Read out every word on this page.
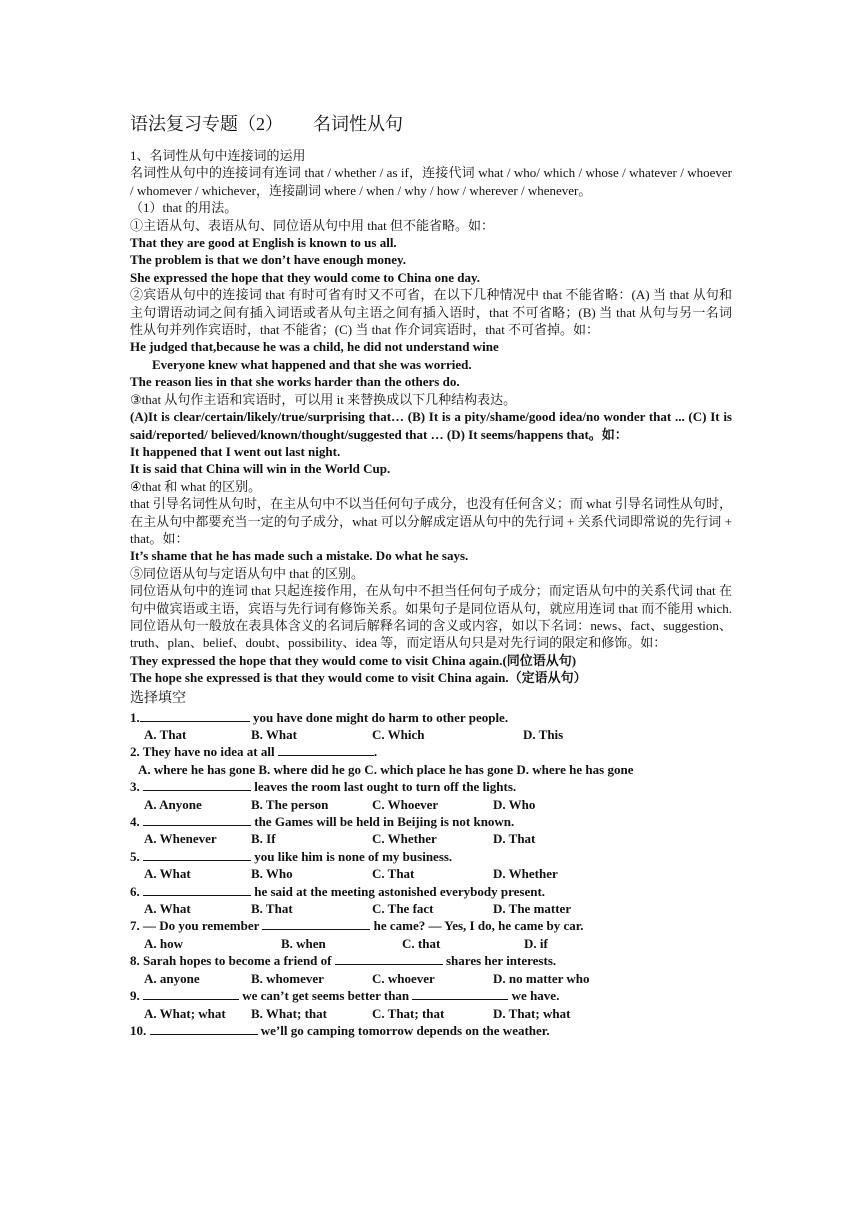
语法复习专题（2） 名词性从句

1、名词性从句中连接词的运用

名词性从句中的连接词有连词 that / whether / as if，连接代词 what / who/ which / whose / whatever / whoever / whomever / whichever，连接副词 where / when / why / how / wherever / whenever。

（1）that 的用法。

①主语从句、表语从句、同位语从句中用 that 但不能省略。如：

That they are good at English is known to us all.

The problem is that we don’t have enough money.

She expressed the hope that they would come to China one day.

②宾语从句中的连接词 that 有时可省有时又不可省，在以下几种情况中 that 不能省略：(A) 当 that 从句和主句谓语动词之间有插入词语或者从句主语之间有插入语时，that 不可省略；(B) 当 that 从句与另一名词性从句并列作宾语时，that 不能省；(C) 当 that 作介词宾语时，that 不可省掉。如：

He judged that,because he was a child, he did not understand wine

Everyone knew what happened and that she was worried.

The reason lies in that she works harder than the others do.

③that 从句作主语和宾语时，可以用 it 来替换成以下几种结构表达。

(A)It is clear/certain/likely/true/surprising that… (B) It is a pity/shame/good idea/no wonder that ... (C) It is said/reported/ believed/known/thought/suggested that … (D) It seems/happens that。如：

It happened that I went out last night.

It is said that China will win in the World Cup.

④that 和 what 的区别。

that 引导名词性从句时，在主从句中不以当任何句子成分，也没有任何含义；而 what 引导名词性从句时，在主从句中都要充当一定的句子成分，what 可以分解成定语从句中的先行词 + 关系代词即常说的先行词 + that。如：

It’s shame that he has made such a mistake. Do what he says.

⑤同位语从句与定语从句中 that 的区别。

同位语从句中的连词 that 只起连接作用，在从句中不担当任何句子成分；而定语从句中的关系代词 that 在句中做宾语或主语，宾语与先行词有修饰关系。如果句子是同位语从句，就应用连词 that 而不能用 which.同位语从句一般放在表具体含义的名词后解释名词的含义或内容，如以下名词：news、fact、suggestion、truth、plan、belief、doubt、possibility、idea 等，而定语从句只是对先行词的限定和修饰。如：

They expressed the hope that they would come to visit China again.(同位语从句)

The hope she expressed is that they would come to visit China again.（定语从句）

选择填空

1.	you have done might do harm to other people.

A. That	B. What	C. Which	D. This

2. They have no idea at all	.

A. where he has gone B. where did he go C. which place he has gone D. where he has gone

3.	leaves the room last ought to turn off the lights.

A. Anyone	B. The person	C. Whoever	D. Who

4.	the Games will be held in Beijing is not known.

A. Whenever	B. If	C. Whether	D. That

5.	you like him is none of my business.

A. What	B. Who	C. That	D. Whether

6.	he said at the meeting astonished everybody present.

A. What	B. That	C. The fact	D. The matter

7. — Do you remember	he came? — Yes, I do, he came by car.

A. how	B. when	C. that	D. if

8. Sarah hopes to become a friend of	shares her interests.

A. anyone	B. whomever	C. whoever	D. no matter who

9.	we can’t get seems better than	we have.

A. What; what B. What; that	C. That; that	D. That; what

10.	we’ll go camping tomorrow depends on the weather.
